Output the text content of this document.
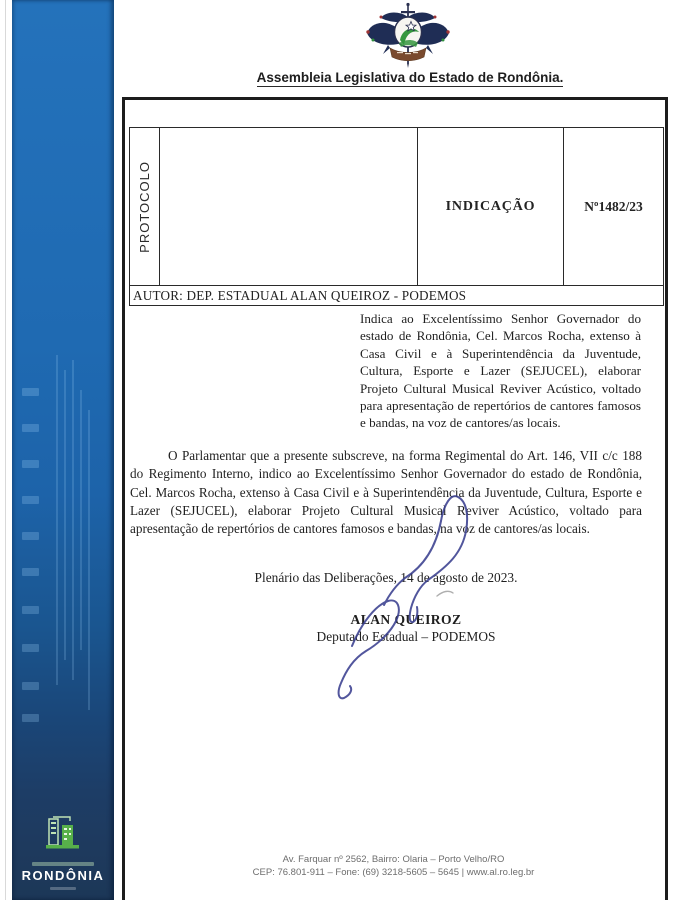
RONDÔNIA
Assembleia Legislativa do Estado de Rondônia.
PROTOCOLO	INDICAÇÃO	Nº1482/23
AUTOR: DEP. ESTADUAL ALAN QUEIROZ - PODEMOS
Indica ao Excelentíssimo Senhor Governador do estado de Rondônia, Cel. Marcos Rocha, extenso à Casa Civil e à Superintendência da Juventude, Cultura, Esporte e Lazer (SEJUCEL), elaborar Projeto Cultural Musical Reviver Acústico, voltado para apresentação de repertórios de cantores famosos e bandas, na voz de cantores/as locais.
O Parlamentar que a presente subscreve, na forma Regimental do Art. 146, VII c/c 188 do Regimento Interno, indico ao Excelentíssimo Senhor Governador do estado de Rondônia, Cel. Marcos Rocha, extenso à Casa Civil e à Superintendência da Juventude, Cultura, Esporte e Lazer (SEJUCEL), elaborar Projeto Cultural Musical Reviver Acústico, voltado para apresentação de repertórios de cantores famosos e bandas, na voz de cantores/as locais.
Plenário das Deliberações, 14 de agosto de 2023.
ALAN QUEIROZ
Deputado Estadual – PODEMOS
Av. Farquar nº 2562, Bairro: Olaria – Porto Velho/RO
CEP: 76.801-911 – Fone: (69) 3218-5605 – 5645 | www.al.ro.leg.br
